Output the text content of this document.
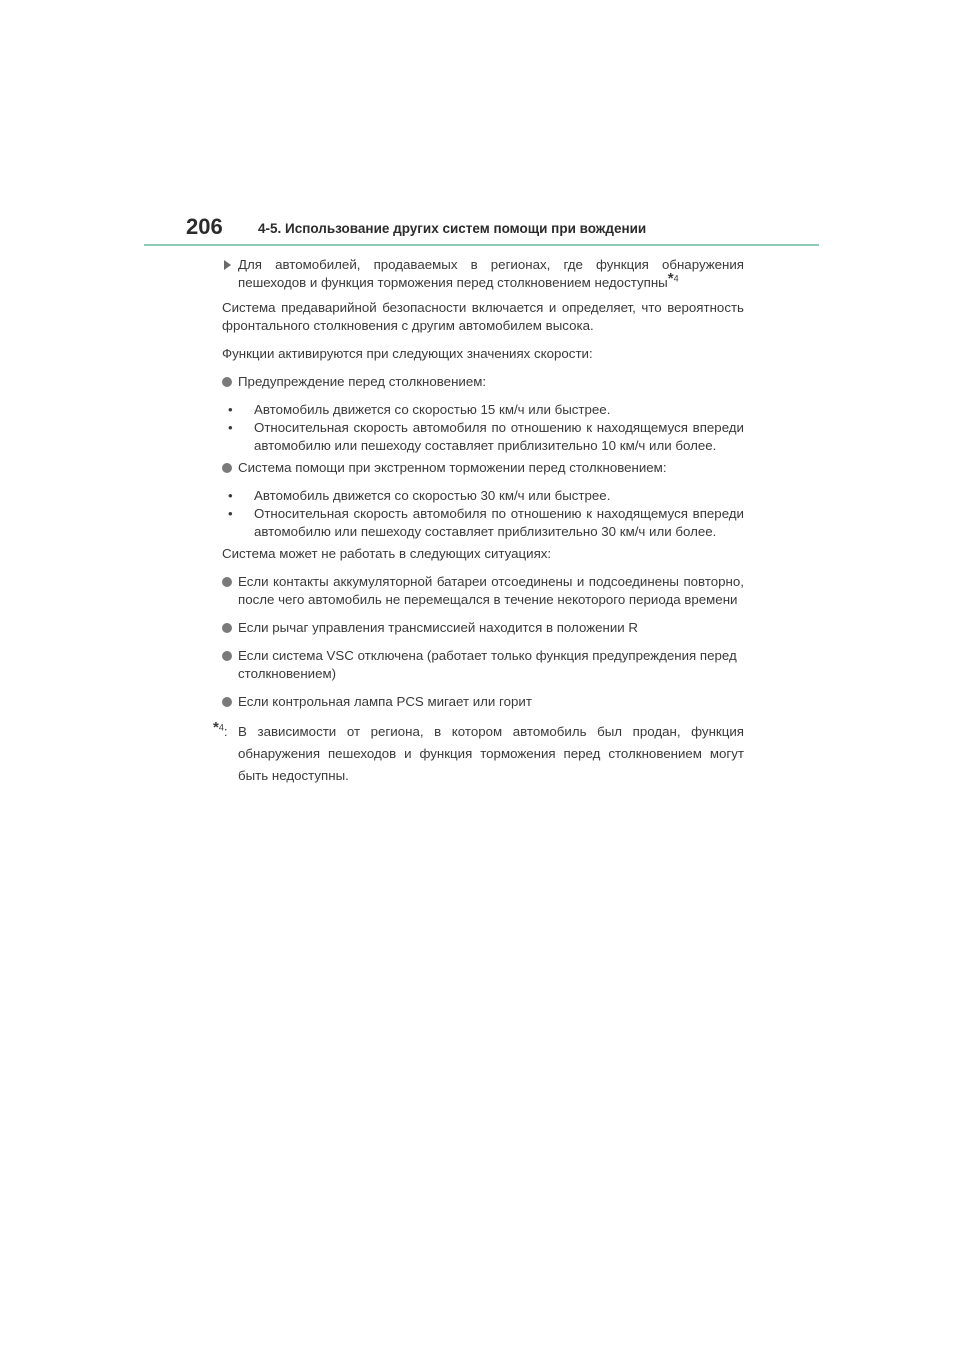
206	4-5. Использование других систем помощи при вождении
Для автомобилей, продаваемых в регионах, где функция обнаружения пешеходов и функция торможения перед столкновением недоступны*$^4$

Система предаварийной безопасности включается и определяет, что вероятность фронтального столкновения с другим автомобилем высока.

Функции активируются при следующих значениях скорости:

Предупреждение перед столкновением:
• Автомобиль движется со скоростью 15 км/ч или быстрее.
• Относительная скорость автомобиля по отношению к находящемуся впереди автомобилю или пешеходу составляет приблизительно 10 км/ч или более.
Система помощи при экстренном торможении перед столкновением:
• Автомобиль движется со скоростью 30 км/ч или быстрее.
• Относительная скорость автомобиля по отношению к находящемуся впереди автомобилю или пешеходу составляет приблизительно 30 км/ч или более.

Система может не работать в следующих ситуациях:

Если контакты аккумуляторной батареи отсоединены и подсоединены повторно, после чего автомобиль не перемещался в течение некоторого периода времени
Если рычаг управления трансмиссией находится в положении R
Если система VSC отключена (работает только функция предупреждения перед столкновением)
Если контрольная лампа PCS мигает или горит
*$^4$: В зависимости от региона, в котором автомобиль был продан, функция обнаружения пешеходов и функция торможения перед столкновением могут быть недоступны.
